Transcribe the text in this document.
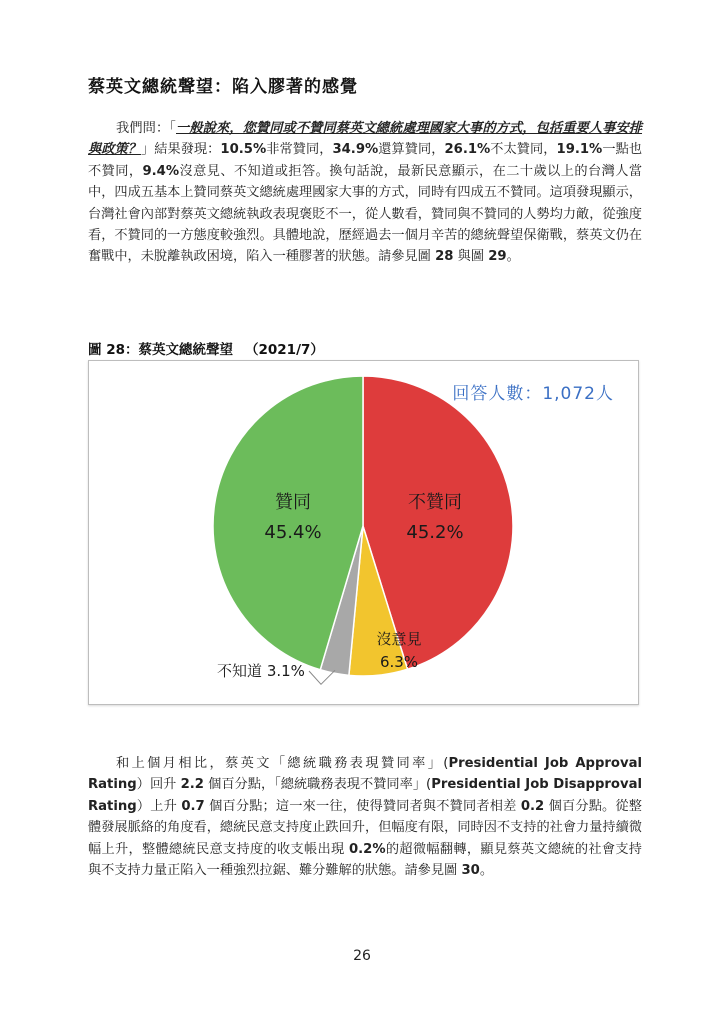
蔡英文總統聲望：陷入膠著的感覺

我們問：「一般說來，您贊同或不贊同蔡英文總統處理國家大事的方式，包括重要人事安排與政策？」結果發現：10.5%非常贊同，34.9%還算贊同，26.1%不太贊同，19.1%一點也不贊同，9.4%沒意見、不知道或拒答。換句話說，最新民意顯示，在二十歲以上的台灣人當中，四成五基本上贊同蔡英文總統處理國家大事的方式，同時有四成五不贊同。這項發現顯示，台灣社會內部對蔡英文總統執政表現褒貶不一，從人數看，贊同與不贊同的人勢均力敵，從強度看，不贊同的一方態度較強烈。具體地說，歷經過去一個月辛苦的總統聲望保衛戰，蔡英文仍在奮戰中，未脫離執政困境，陷入一種膠著的狀態。請參見圖 28 與圖 29。

圖 28：蔡英文總統聲望 （2021/7）
不贊同
45.2%
沒意見
6.3%
不知道 3.1%
贊同
45.4%
回答人數：1,072人

和上個月相比，蔡英文「總統職務表現贊同率」(Presidential Job Approval Rating）回升 2.2 個百分點，「總統職務表現不贊同率」(Presidential Job Disapproval Rating）上升 0.7 個百分點；這一來一往，使得贊同者與不贊同者相差 0.2 個百分點。從整體發展脈絡的角度看，總統民意支持度止跌回升，但幅度有限，同時因不支持的社會力量持續微幅上升，整體總統民意支持度的收支帳出現 0.2%的超微幅翻轉，顯見蔡英文總統的社會支持與不支持力量正陷入一種強烈拉鋸、難分難解的狀態。請參見圖 30。

26
